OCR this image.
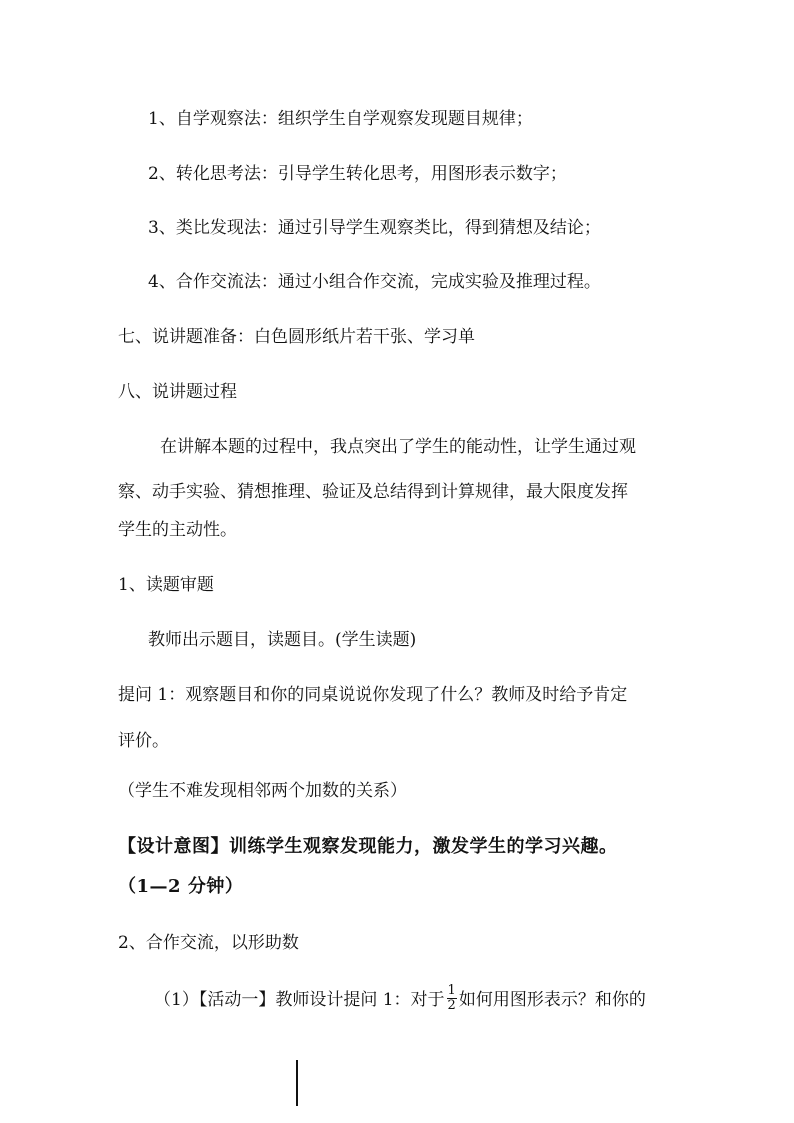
1、自学观察法：组织学生自学观察发现题目规律；
2、转化思考法：引导学生转化思考，用图形表示数字；
3、类比发现法：通过引导学生观察类比，得到猜想及结论；
4、合作交流法：通过小组合作交流，完成实验及推理过程。
七、说讲题准备：白色圆形纸片若干张、学习单
八、说讲题过程
在讲解本题的过程中，我点突出了学生的能动性，让学生通过观
察、动手实验、猜想推理、验证及总结得到计算规律，最大限度发挥
学生的主动性。
1、读题审题
教师出示题目，读题目。(学生读题)
提问 1：观察题目和你的同桌说说你发现了什么？教师及时给予肯定
评价。
（学生不难发现相邻两个加数的关系）
【设计意图】训练学生观察发现能力，激发学生的学习兴趣。
（1—2 分钟）
2、合作交流，以形助数
（1）【活动一】教师设计提问 1：对于 $\frac{1}{2}$ 如何用图形表示？和你的
